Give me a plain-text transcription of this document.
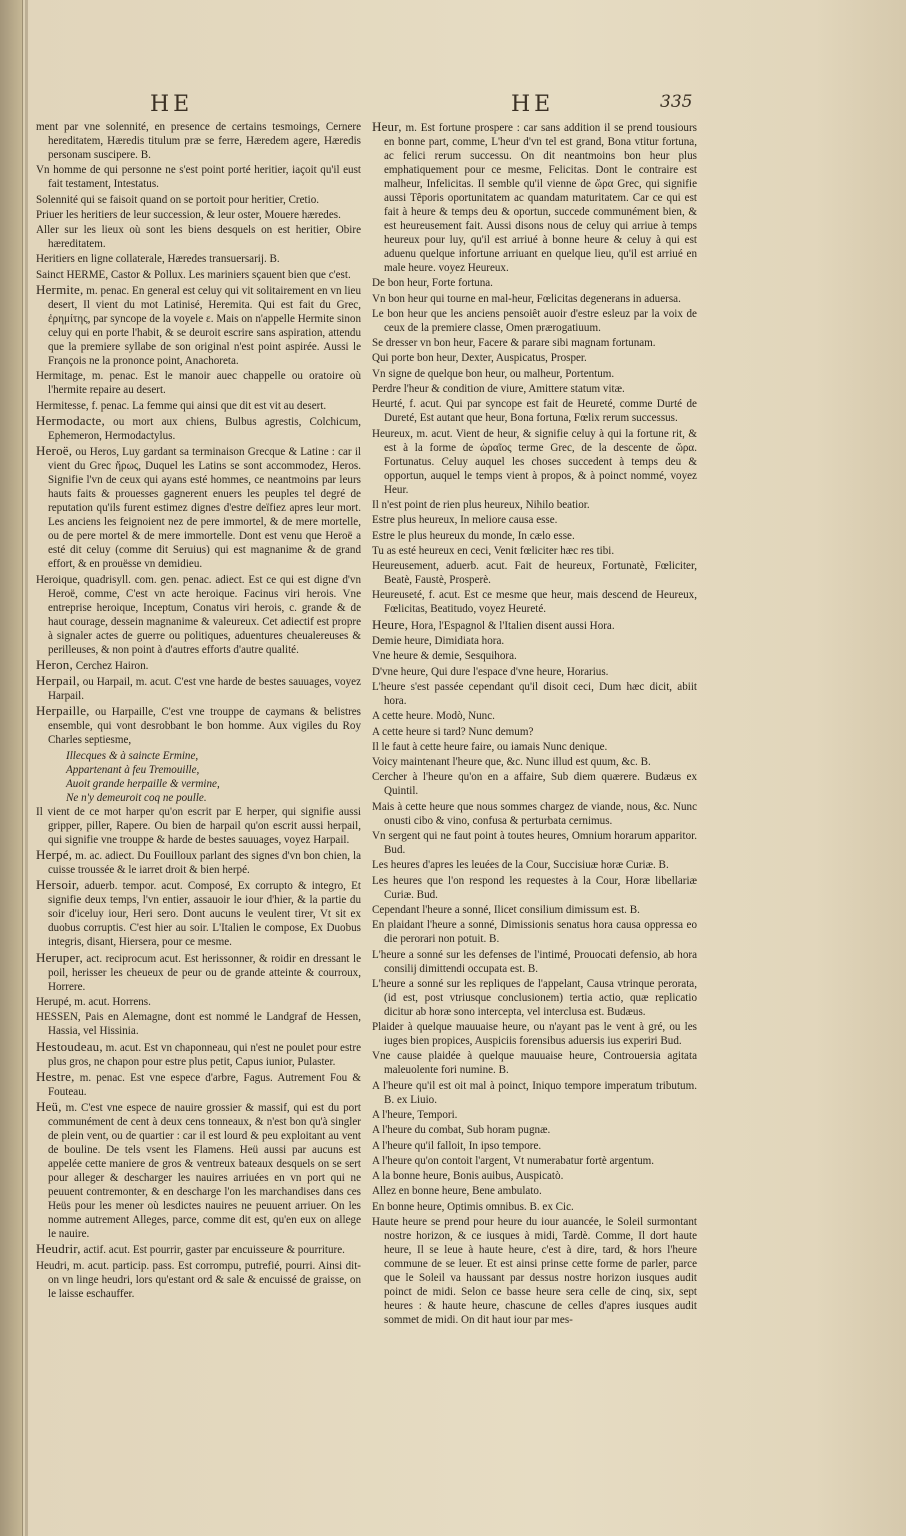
HE	HE	335

ment par vne solennité, en presence de certains tesmoings, Cernere hereditatem, Hæredis titulum præ se ferre, Hæredem agere, Hæredis personam suscipere. B.

Vn homme de qui personne ne s'est point porté heritier, iaçoit qu'il eust fait testament, Intestatus.

Solennité qui se faisoit quand on se portoit pour heritier, Cretio.

Priuer les heritiers de leur succession, & leur oster, Mouere hæredes.

Aller sur les lieux où sont les biens desquels on est heritier, Obire hæreditatem.

Heritiers en ligne collaterale, Hæredes transuersarij. B.

Sainct HERME, Castor & Pollux. Les mariniers sçauent bien que c'est.

Hermite, m. penac. En general est celuy qui vit solitairement en vn lieu desert, Il vient du mot Latinisé, Heremita. Qui est fait du Grec, ἐρημίτης, par syncope de la voyele ε. Mais on n'appelle Hermite sinon celuy qui en porte l'habit, & se deuroit escrire sans aspiration, attendu que la premiere syllabe de son original n'est point aspirée. Aussi le François ne la prononce point, Anachoreta.

Hermitage, m. penac. Est le manoir auec chappelle ou oratoire où l'hermite repaire au desert.

Hermitesse, f. penac. La femme qui ainsi que dit est vit au desert.

Hermodacte, ou mort aux chiens, Bulbus agrestis, Colchicum, Ephemeron, Hermodactylus.

Heroë, ou Heros, Luy gardant sa terminaison Grecque & Latine : car il vient du Grec ἥρως, Duquel les Latins se sont accommodez, Heros. Signifie l'vn de ceux qui ayans esté hommes, ce neantmoins par leurs hauts faits & prouesses gagnerent enuers les peuples tel degré de reputation qu'ils furent estimez dignes d'estre deïfiez apres leur mort. Les anciens les feignoient nez de pere immortel, & de mere mortelle, ou de pere mortel & de mere immortelle. Dont est venu que Heroë a esté dit celuy (comme dit Seruius) qui est magnanime & de grand effort, & en prouësse vn demidieu.

Heroique, quadrisyll. com. gen. penac. adiect. Est ce qui est digne d'vn Heroë, comme, C'est vn acte heroique. Facinus viri herois. Vne entreprise heroique, Inceptum, Conatus viri herois, c. grande & de haut courage, dessein magnanime & valeureux. Cet adiectif est propre à signaler actes de guerre ou politiques, aduentures cheualereuses & perilleuses, & non point à d'autres efforts d'autre qualité.

Heron, Cerchez Hairon.

Herpail, ou Harpail, m. acut. C'est vne harde de bestes sauuages, voyez Harpail.

Herpaille, ou Harpaille, C'est vne trouppe de caymans & belistres ensemble, qui vont desrobbant le bon homme. Aux vigiles du Roy Charles septiesme,

Illecques & à saincte Ermine,

Appartenant à feu Tremouille,

Auoit grande herpaille & vermine,

Ne n'y demeuroit coq ne poulle.

Il vient de ce mot harper qu'on escrit par E herper, qui signifie aussi gripper, piller, Rapere. Ou bien de harpail qu'on escrit aussi herpail, qui signifie vne trouppe & harde de bestes sauuages, voyez Harpail.

Herpé, m. ac. adiect. Du Fouilloux parlant des signes d'vn bon chien, la cuisse troussée & le iarret droit & bien herpé.

Hersoir, aduerb. tempor. acut. Composé, Ex corrupto & integro, Et signifie deux temps, l'vn entier, assauoir le iour d'hier, & la partie du soir d'iceluy iour, Heri sero. Dont aucuns le veulent tirer, Vt sit ex duobus corruptis. C'est hier au soir. L'Italien le compose, Ex Duobus integris, disant, Hiersera, pour ce mesme.

Heruper, act. reciprocum acut. Est herissonner, & roidir en dressant le poil, herisser les cheueux de peur ou de grande atteinte & courroux, Horrere.

Herupé, m. acut. Horrens.

HESSEN, Pais en Alemagne, dont est nommé le Landgraf de Hessen, Hassia, vel Hissinia.

Hestoudeau, m. acut. Est vn chaponneau, qui n'est ne poulet pour estre plus gros, ne chapon pour estre plus petit, Capus iunior, Pulaster.

Hestre, m. penac. Est vne espece d'arbre, Fagus. Autrement Fou & Fouteau.

Heü, m. C'est vne espece de nauire grossier & massif, qui est du port communément de cent à deux cens tonneaux, & n'est bon qu'à singler de plein vent, ou de quartier : car il est lourd & peu exploitant au vent de bouline. De tels vsent les Flamens. Heü aussi par aucuns est appelée cette maniere de gros & ventreux bateaux desquels on se sert pour alleger & descharger les nauires arriuées en vn port qui ne peuuent contremonter, & en descharge l'on les marchandises dans ces Heüs pour les mener où lesdictes nauires ne peuuent arriuer. On les nomme autrement Alleges, parce, comme dit est, qu'en eux on allege le nauire.

Heudrir, actif. acut. Est pourrir, gaster par encuisseure & pourriture.

Heudri, m. acut. particip. pass. Est corrompu, putrefié, pourri. Ainsi dit-on vn linge heudri, lors qu'estant ord & sale & encuissé de graisse, on le laisse eschauffer.

Heur, m. Est fortune prospere : car sans addition il se prend tousiours en bonne part, comme, L'heur d'vn tel est grand, Bona vtitur fortuna, ac felici rerum successu. On dit neantmoins bon heur plus emphatiquement pour ce mesme, Felicitas. Dont le contraire est malheur, Infelicitas. Il semble qu'il vienne de ὥρα Grec, qui signifie aussi Têporis oportunitatem ac quandam maturitatem. Car ce qui est fait à heure & temps deu & oportun, succede communément bien, & est heureusement fait. Aussi disons nous de celuy qui arriue à temps heureux pour luy, qu'il est arriué à bonne heure & celuy à qui est aduenu quelque infortune arriuant en quelque lieu, qu'il est arriué en male heure. voyez Heureux.

De bon heur, Forte fortuna.

Vn bon heur qui tourne en mal-heur, Fœlicitas degenerans in aduersa.

Le bon heur que les anciens pensoiêt auoir d'estre esleuz par la voix de ceux de la premiere classe, Omen prærogatiuum.

Se dresser vn bon heur, Facere & parare sibi magnam fortunam.

Qui porte bon heur, Dexter, Auspicatus, Prosper.

Vn signe de quelque bon heur, ou malheur, Portentum.

Perdre l'heur & condition de viure, Amittere statum vitæ.

Heurté, f. acut. Qui par syncope est fait de Heureté, comme Durté de Dureté, Est autant que heur, Bona fortuna, Fœlix rerum successus.

Heureux, m. acut. Vient de heur, & signifie celuy à qui la fortune rit, & est à la forme de ὡραῖος terme Grec, de la descente de ὥρα. Fortunatus. Celuy auquel les choses succedent à temps deu & opportun, auquel le temps vient à propos, & à poinct nommé, voyez Heur.

Il n'est point de rien plus heureux, Nihilo beatior.

Estre plus heureux, In meliore causa esse.

Estre le plus heureux du monde, In cælo esse.

Tu as esté heureux en ceci, Venit fœliciter hæc res tibi.

Heureusement, aduerb. acut. Fait de heureux, Fortunatè, Fœliciter, Beatè, Faustè, Prosperè.

Heureuseté, f. acut. Est ce mesme que heur, mais descend de Heureux, Fœlicitas, Beatitudo, voyez Heureté.

Heure, Hora, l'Espagnol & l'Italien disent aussi Hora.

Demie heure, Dimidiata hora.

Vne heure & demie, Sesquihora.

D'vne heure, Qui dure l'espace d'vne heure, Horarius.

L'heure s'est passée cependant qu'il disoit ceci, Dum hæc dicit, abiit hora.

A cette heure. Modò, Nunc.

A cette heure si tard? Nunc demum?

Il le faut à cette heure faire, ou iamais Nunc denique.

Voicy maintenant l'heure que, &c. Nunc illud est quum, &c. B.

Cercher à l'heure qu'on en a affaire, Sub diem quærere. Budæus ex Quintil.

Mais à cette heure que nous sommes chargez de viande, nous, &c. Nunc onusti cibo & vino, confusa & perturbata cernimus.

Vn sergent qui ne faut point à toutes heures, Omnium horarum apparitor. Bud.

Les heures d'apres les leuées de la Cour, Succisiuæ horæ Curiæ. B.

Les heures que l'on respond les requestes à la Cour, Horæ libellariæ Curiæ. Bud.

Cependant l'heure a sonné, Ilicet consilium dimissum est. B.

En plaidant l'heure a sonné, Dimissionis senatus hora causa oppressa eo die perorari non potuit. B.

L'heure a sonné sur les defenses de l'intimé, Prouocati defensio, ab hora consilij dimittendi occupata est. B.

L'heure a sonné sur les repliques de l'appelant, Causa vtrinque perorata, (id est, post vtriusque conclusionem) tertia actio, quæ replicatio dicitur ab horæ sono intercepta, vel interclusa est. Budæus.

Plaider à quelque mauuaise heure, ou n'ayant pas le vent à gré, ou les iuges bien propices, Auspiciis forensibus aduersis ius experiri Bud.

Vne cause plaidée à quelque mauuaise heure, Controuersia agitata maleuolente fori numine. B.

A l'heure qu'il est oit mal à poinct, Iniquo tempore imperatum tributum. B. ex Liuio.

A l'heure, Tempori.

A l'heure du combat, Sub horam pugnæ.

A l'heure qu'il falloit, In ipso tempore.

A l'heure qu'on contoit l'argent, Vt numerabatur fortè argentum.

A la bonne heure, Bonis auibus, Auspicatò.

Allez en bonne heure, Bene ambulato.

En bonne heure, Optimis omnibus. B. ex Cic.

Haute heure se prend pour heure du iour auancée, le Soleil surmontant nostre horizon, & ce iusques à midi, Tardè. Comme, Il dort haute heure, Il se leue à haute heure, c'est à dire, tard, & hors l'heure commune de se leuer. Et est ainsi prinse cette forme de parler, parce que le Soleil va haussant par dessus nostre horizon iusques audit poinct de midi. Selon ce basse heure sera celle de cinq, six, sept heures : & haute heure, chascune de celles d'apres iusques audit sommet de midi. On dit haut iour par mes-
